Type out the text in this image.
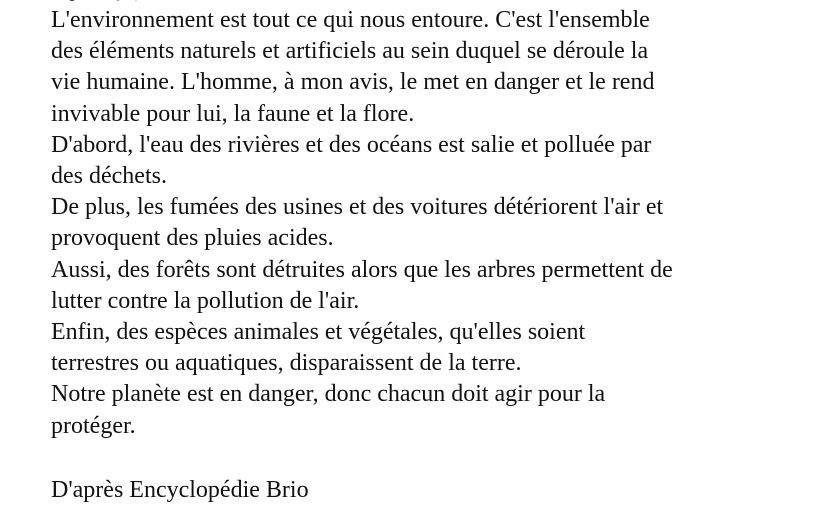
L'environnement est tout ce qui nous entoure. C'est l'ensemble

des éléments naturels et artificiels au sein duquel se déroule la

vie humaine. L'homme, à mon avis, le met en danger et le rend

invivable pour lui, la faune et la flore.

D'abord, l'eau des rivières et des océans est salie et polluée par

des déchets.

De plus, les fumées des usines et des voitures détériorent l'air et

provoquent des pluies acides.

Aussi, des forêts sont détruites alors que les arbres permettent de

lutter contre la pollution de l'air.

Enfin, des espèces animales et végétales, qu'elles soient

terrestres ou aquatiques, disparaissent de la terre.

Notre planète est en danger, donc chacun doit agir pour la

protéger.

D'après Encyclopédie Brio
